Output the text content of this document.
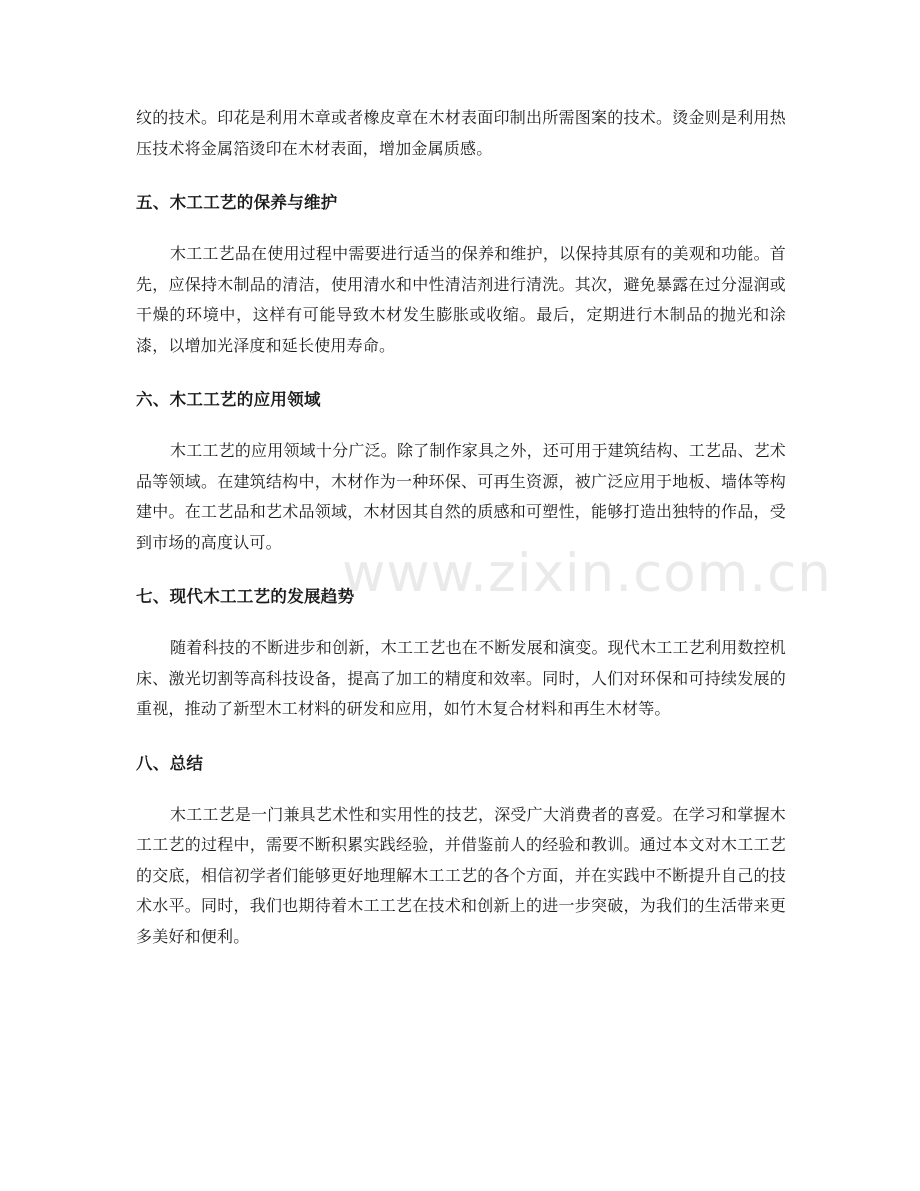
纹的技术。印花是利用木章或者橡皮章在木材表面印制出所需图案的技术。烫金则是利用热压技术将金属箔烫印在木材表面，增加金属质感。

五、木工工艺的保养与维护

木工工艺品在使用过程中需要进行适当的保养和维护，以保持其原有的美观和功能。首先，应保持木制品的清洁，使用清水和中性清洁剂进行清洗。其次，避免暴露在过分湿润或干燥的环境中，这样有可能导致木材发生膨胀或收缩。最后，定期进行木制品的抛光和涂漆，以增加光泽度和延长使用寿命。

六、木工工艺的应用领域

木工工艺的应用领域十分广泛。除了制作家具之外，还可用于建筑结构、工艺品、艺术品等领域。在建筑结构中，木材作为一种环保、可再生资源，被广泛应用于地板、墙体等构建中。在工艺品和艺术品领域，木材因其自然的质感和可塑性，能够打造出独特的作品，受到市场的高度认可。

七、现代木工工艺的发展趋势

随着科技的不断进步和创新，木工工艺也在不断发展和演变。现代木工工艺利用数控机床、激光切割等高科技设备，提高了加工的精度和效率。同时，人们对环保和可持续发展的重视，推动了新型木工材料的研发和应用，如竹木复合材料和再生木材等。

八、总结

木工工艺是一门兼具艺术性和实用性的技艺，深受广大消费者的喜爱。在学习和掌握木工工艺的过程中，需要不断积累实践经验，并借鉴前人的经验和教训。通过本文对木工工艺的交底，相信初学者们能够更好地理解木工工艺的各个方面，并在实践中不断提升自己的技术水平。同时，我们也期待着木工工艺在技术和创新上的进一步突破，为我们的生活带来更多美好和便利。

www.zixin.com.cn
